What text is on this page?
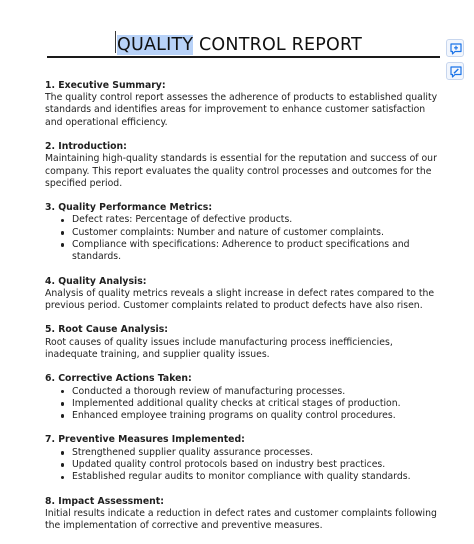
QUALITY CONTROL REPORT
1. Executive Summary:

The quality control report assesses the adherence of products to established quality standards and identifies areas for improvement to enhance customer satisfaction and operational efficiency.

2. Introduction:

Maintaining high-quality standards is essential for the reputation and success of our company. This report evaluates the quality control processes and outcomes for the specified period.

3. Quality Performance Metrics:
Defect rates: Percentage of defective products.
Customer complaints: Number and nature of customer complaints.
Compliance with specifications: Adherence to product specifications and standards.
4. Quality Analysis:

Analysis of quality metrics reveals a slight increase in defect rates compared to the previous period. Customer complaints related to product defects have also risen.

5. Root Cause Analysis:

Root causes of quality issues include manufacturing process inefficiencies, inadequate training, and supplier quality issues.

6. Corrective Actions Taken:
Conducted a thorough review of manufacturing processes.
Implemented additional quality checks at critical stages of production.
Enhanced employee training programs on quality control procedures.
7. Preventive Measures Implemented:
Strengthened supplier quality assurance processes.
Updated quality control protocols based on industry best practices.
Established regular audits to monitor compliance with quality standards.
8. Impact Assessment:

Initial results indicate a reduction in defect rates and customer complaints following the implementation of corrective and preventive measures.
